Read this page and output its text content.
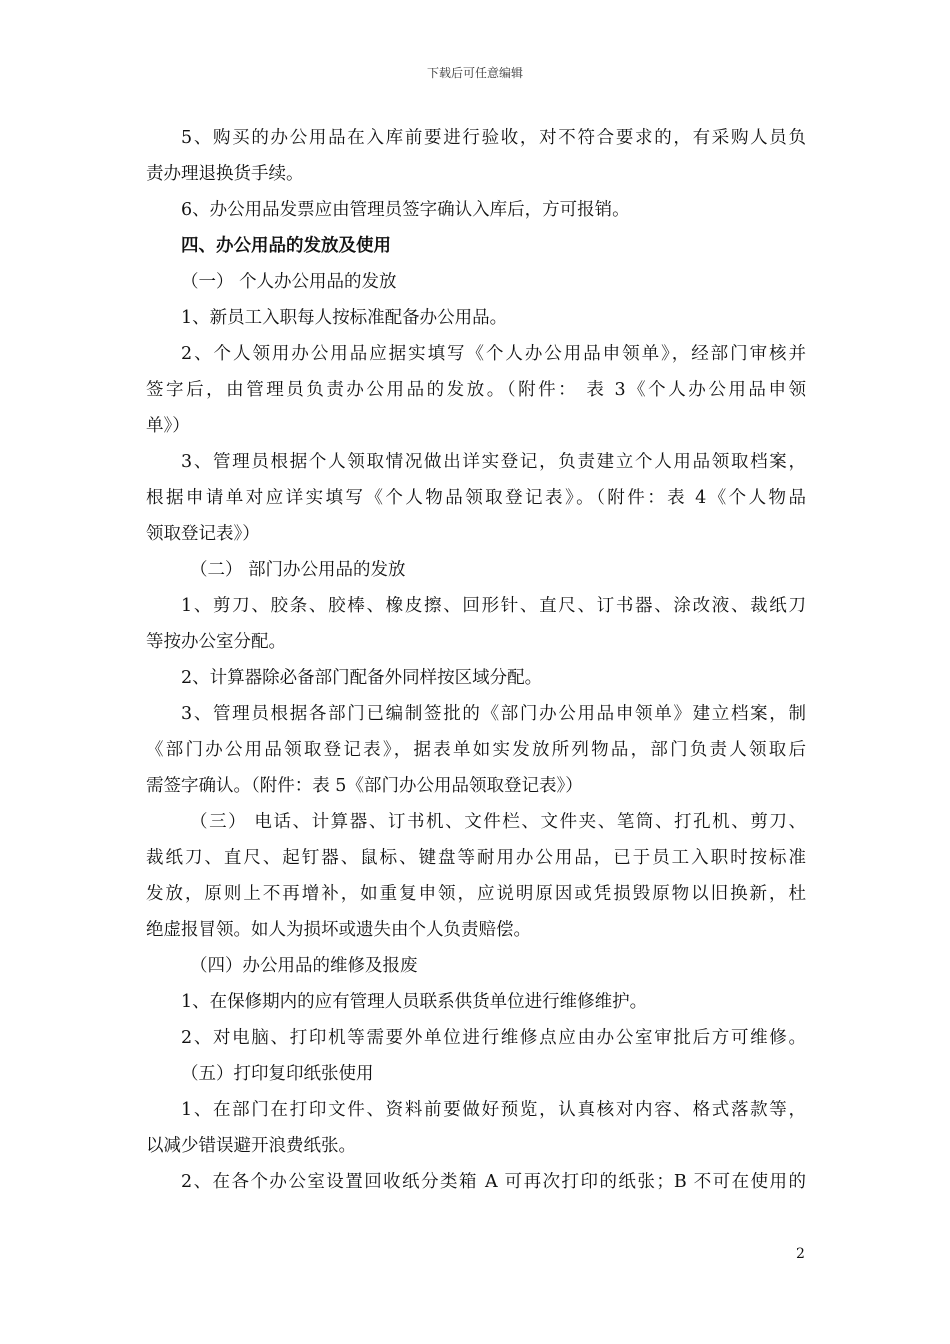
下载后可任意编辑
5、购买的办公用品在入库前要进行验收，对不符合要求的，有采购人员负
责办理退换货手续。
6、办公用品发票应由管理员签字确认入库后，方可报销。
四、办公用品的发放及使用
（一） 个人办公用品的发放
1、新员工入职每人按标准配备办公用品。
2、个人领用办公用品应据实填写《个人办公用品申领单》，经部门审核并
签字后，由管理员负责办公用品的发放。（附件： 表 3《个人办公用品申领
单》）
3、管理员根据个人领取情况做出详实登记，负责建立个人用品领取档案，
根据申请单对应详实填写《个人物品领取登记表》。（附件：表 4《个人物品
领取登记表》）
（二） 部门办公用品的发放
1、剪刀、胶条、胶棒、橡皮擦、回形针、直尺、订书器、涂改液、裁纸刀
等按办公室分配。
2、计算器除必备部门配备外同样按区域分配。
3、管理员根据各部门已编制签批的《部门办公用品申领单》建立档案，制
《部门办公用品领取登记表》，据表单如实发放所列物品，部门负责人领取后
需签字确认。（附件：表 5《部门办公用品领取登记表》）
（三） 电话、计算器、订书机、文件栏、文件夹、笔筒、打孔机、剪刀、
裁纸刀、直尺、起钉器、鼠标、键盘等耐用办公用品，已于员工入职时按标准
发放，原则上不再增补，如重复申领，应说明原因或凭损毁原物以旧换新，杜
绝虚报冒领。如人为损坏或遗失由个人负责赔偿。
（四）办公用品的维修及报废
1、在保修期内的应有管理人员联系供货单位进行维修维护。
2、对电脑、打印机等需要外单位进行维修点应由办公室审批后方可维修。
（五）打印复印纸张使用
1、在部门在打印文件、资料前要做好预览，认真核对内容、格式落款等，
以减少错误避开浪费纸张。
2、在各个办公室设置回收纸分类箱 A 可再次打印的纸张；B 不可在使用的
2
